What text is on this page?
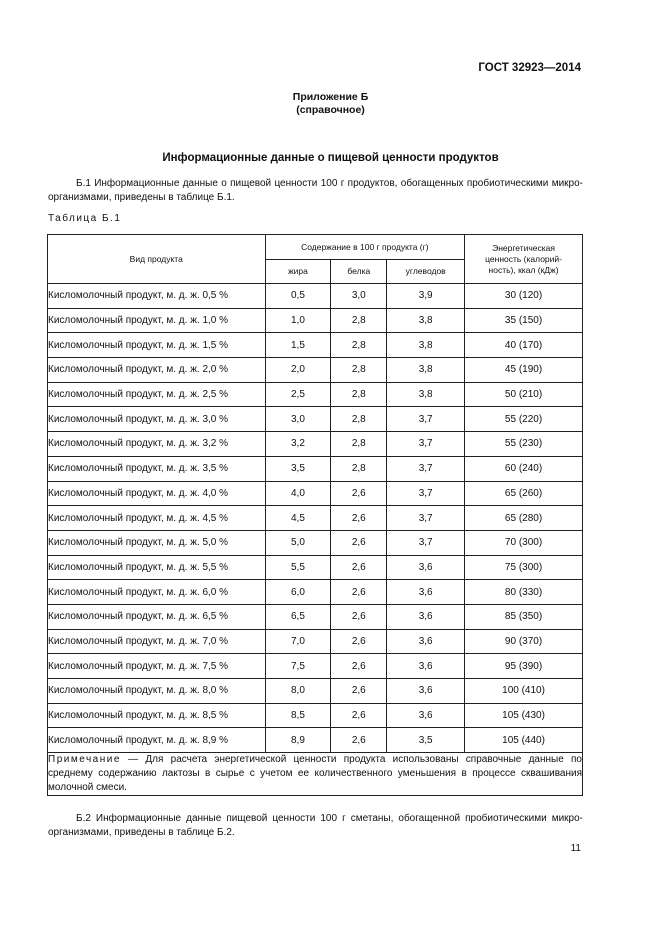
ГОСТ 32923—2014
Приложение Б
(справочное)
Информационные данные о пищевой ценности продуктов
Б.1 Информационные данные о пищевой ценности 100 г продуктов, обогащенных пробиотическими микро-организмами, приведены в таблице Б.1.
Таблица Б.1
Вид продукта	Содержание в 100 г продукта (г)			Энергетическая ценность (калорий-ность), ккал (кДж)
	жира	белка	углеводов	
Кисломолочный продукт, м. д. ж. 0,5 %	0,5	3,0	3,9	30 (120)
Кисломолочный продукт, м. д. ж. 1,0 %	1,0	2,8	3,8	35 (150)
Кисломолочный продукт, м. д. ж. 1,5 %	1,5	2,8	3,8	40 (170)
Кисломолочный продукт, м. д. ж. 2,0 %	2,0	2,8	3,8	45 (190)
Кисломолочный продукт, м. д. ж. 2,5 %	2,5	2,8	3,8	50 (210)
Кисломолочный продукт, м. д. ж. 3,0 %	3,0	2,8	3,7	55 (220)
Кисломолочный продукт, м. д. ж. 3,2 %	3,2	2,8	3,7	55 (230)
Кисломолочный продукт, м. д. ж. 3,5 %	3,5	2,8	3,7	60 (240)
Кисломолочный продукт, м. д. ж. 4,0 %	4,0	2,6	3,7	65 (260)
Кисломолочный продукт, м. д. ж. 4,5 %	4,5	2,6	3,7	65 (280)
Кисломолочный продукт, м. д. ж. 5,0 %	5,0	2,6	3,7	70 (300)
Кисломолочный продукт, м. д. ж. 5,5 %	5,5	2,6	3,6	75 (300)
Кисломолочный продукт, м. д. ж. 6,0 %	6,0	2,6	3,6	80 (330)
Кисломолочный продукт, м. д. ж. 6,5 %	6,5	2,6	3,6	85 (350)
Кисломолочный продукт, м. д. ж. 7,0 %	7,0	2,6	3,6	90 (370)
Кисломолочный продукт, м. д. ж. 7,5 %	7,5	2,6	3,6	95 (390)
Кисломолочный продукт, м. д. ж. 8,0 %	8,0	2,6	3,6	100 (410)
Кисломолочный продукт, м. д. ж. 8,5 %	8,5	2,6	3,6	105 (430)
Кисломолочный продукт, м. д. ж. 8,9 %	8,9	2,6	3,5	105 (440)
Примечание — Для расчета энергетической ценности продукта использованы справочные данные по среднему содержанию лактозы в сырье с учетом ее количественного уменьшения в процессе сквашивания молочной смеси.				
Б.2 Информационные данные пищевой ценности 100 г сметаны, обогащенной пробиотическими микро-организмами, приведены в таблице Б.2.
11
